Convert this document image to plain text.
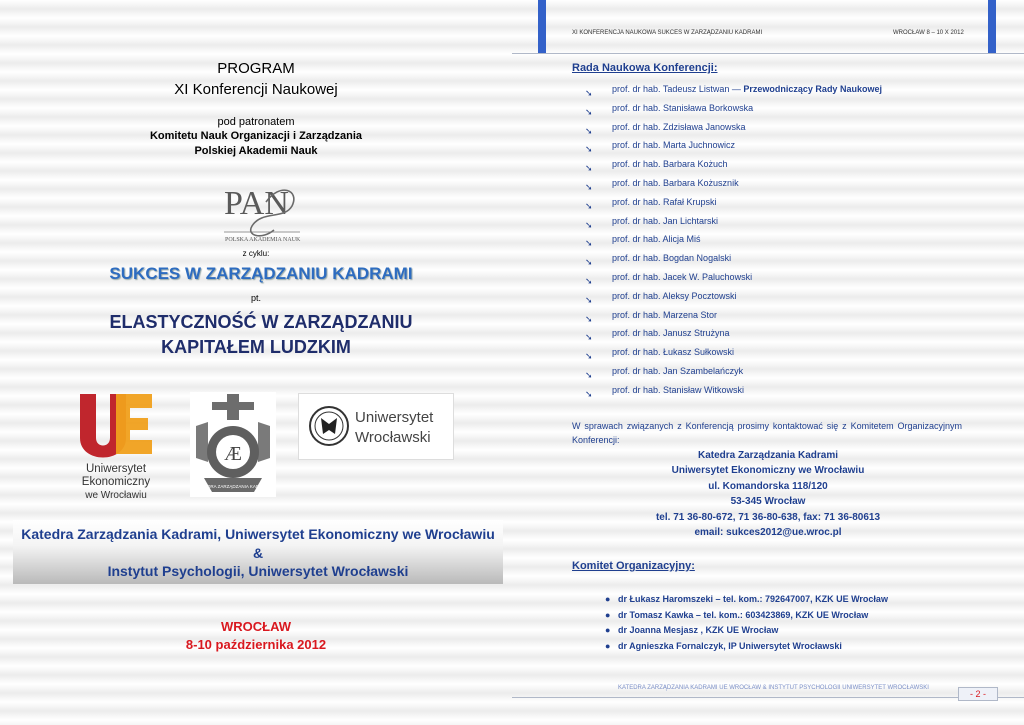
PROGRAM
XI Konferencji Naukowej
pod patronatem
Komitetu Nauk Organizacji i Zarządzania
Polskiej Akademii Nauk
PAN
POLSKA AKADEMIA NAUK
z cyklu:
SUKCES W ZARZĄDZANIU KADRAMI
pt.
ELASTYCZNOŚĆ W ZARZĄDZANIU
KAPITAŁEM LUDZKIM
Uniwersytet
Ekonomiczny
we Wrocławiu
Æ
KATEDRA ZARZĄDZANIA KADRAMI
Uniwersytet
Wrocławski
Katedra Zarządzania Kadrami, Uniwersytet Ekonomiczny we Wrocławiu
&
Instytut Psychologii, Uniwersytet Wrocławski
WROCŁAW
8-10 października 2012
XI KONFERENCJA NAUKOWA SUKCES W ZARZĄDZANIU KADRAMI	WROCŁAW 8 – 10 X 2012
Rada Naukowa Konferencji:
➘ prof. dr hab. Tadeusz Listwan — Przewodniczący Rady Naukowej
➘ prof. dr hab. Stanisława Borkowska
➘ prof. dr hab. Zdzisława Janowska
➘ prof. dr hab. Marta Juchnowicz
➘ prof. dr hab. Barbara Kożuch
➘ prof. dr hab. Barbara Kożusznik
➘ prof. dr hab. Rafał Krupski
➘ prof. dr hab. Jan Lichtarski
➘ prof. dr hab. Alicja Miś
➘ prof. dr hab. Bogdan Nogalski
➘ prof. dr hab. Jacek W. Paluchowski
➘ prof. dr hab. Aleksy Pocztowski
➘ prof. dr hab. Marzena Stor
➘ prof. dr hab. Janusz Strużyna
➘ prof. dr hab. Łukasz Sułkowski
➘ prof. dr hab. Jan Szambelańczyk
➘ prof. dr hab. Stanisław Witkowski
W sprawach związanych z Konferencją prosimy kontaktować się z Komitetem Organizacyjnym Konferencji:
Katedra Zarządzania Kadrami
Uniwersytet Ekonomiczny we Wrocławiu
ul. Komandorska 118/120
53-345 Wrocław
tel. 71 36-80-672, 71 36-80-638, fax: 71 36-80613
email: sukces2012@ue.wroc.pl
Komitet Organizacyjny:
● dr Łukasz Haromszeki – tel. kom.: 792647007, KZK UE Wrocław
● dr Tomasz Kawka – tel. kom.: 603423869, KZK UE Wrocław
● dr Joanna Mesjasz , KZK UE Wrocław
● dr Agnieszka Fornalczyk, IP Uniwersytet Wrocławski
KATEDRA ZARZĄDZANIA KADRAMI UE WROCŁAW & INSTYTUT PSYCHOLOGII UNIWERSYTET WROCŁAWSKI
- 2 -
